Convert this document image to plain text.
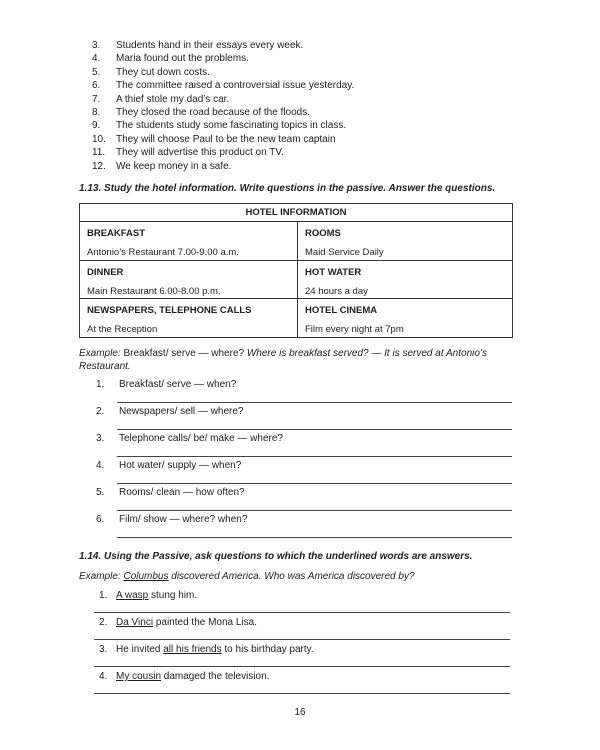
3. Students hand in their essays every week.
4. Maria found out the problems.
5. They cut down costs.
6. The committee raised a controversial issue yesterday.
7. A thief stole my dad’s car.
8. They closed the road because of the floods.
9. The students study some fascinating topics in class.
10. They will choose Paul to be the new team captain
11. They will advertise this product on TV.
12. We keep money in a safe.
1.13. Study the hotel information. Write questions in the passive. Answer the questions.
HOTEL INFORMATION
BREAKFAST
Antonio’s Restaurant 7.00-9.00 a.m.
ROOMS
Maid Service Daily
DINNER
Main Restaurant 6.00-8.00 p.m.
HOT WATER
24 hours a day
NEWSPAPERS, TELEPHONE CALLS
At the Reception
HOTEL CINEMA
Film every night at 7pm
Example: Breakfast/ serve — where? Where is breakfast served? — It is served at Antonio’s
Restaurant.
1. Breakfast/ serve — when?
2. Newspapers/ sell — where?
3. Telephone calls/ be/ make — where?
4. Hot water/ supply — when?
5. Rooms/ clean — how often?
6. Film/ show — where? when?
1.14. Using the Passive, ask questions to which the underlined words are answers.
Example: Columbus discovered America. Who was America discovered by?
1. A wasp stung him.
2. Da Vinci painted the Mona Lisa.
3. He invited all his friends to his birthday party.
4. My cousin damaged the television.
16
